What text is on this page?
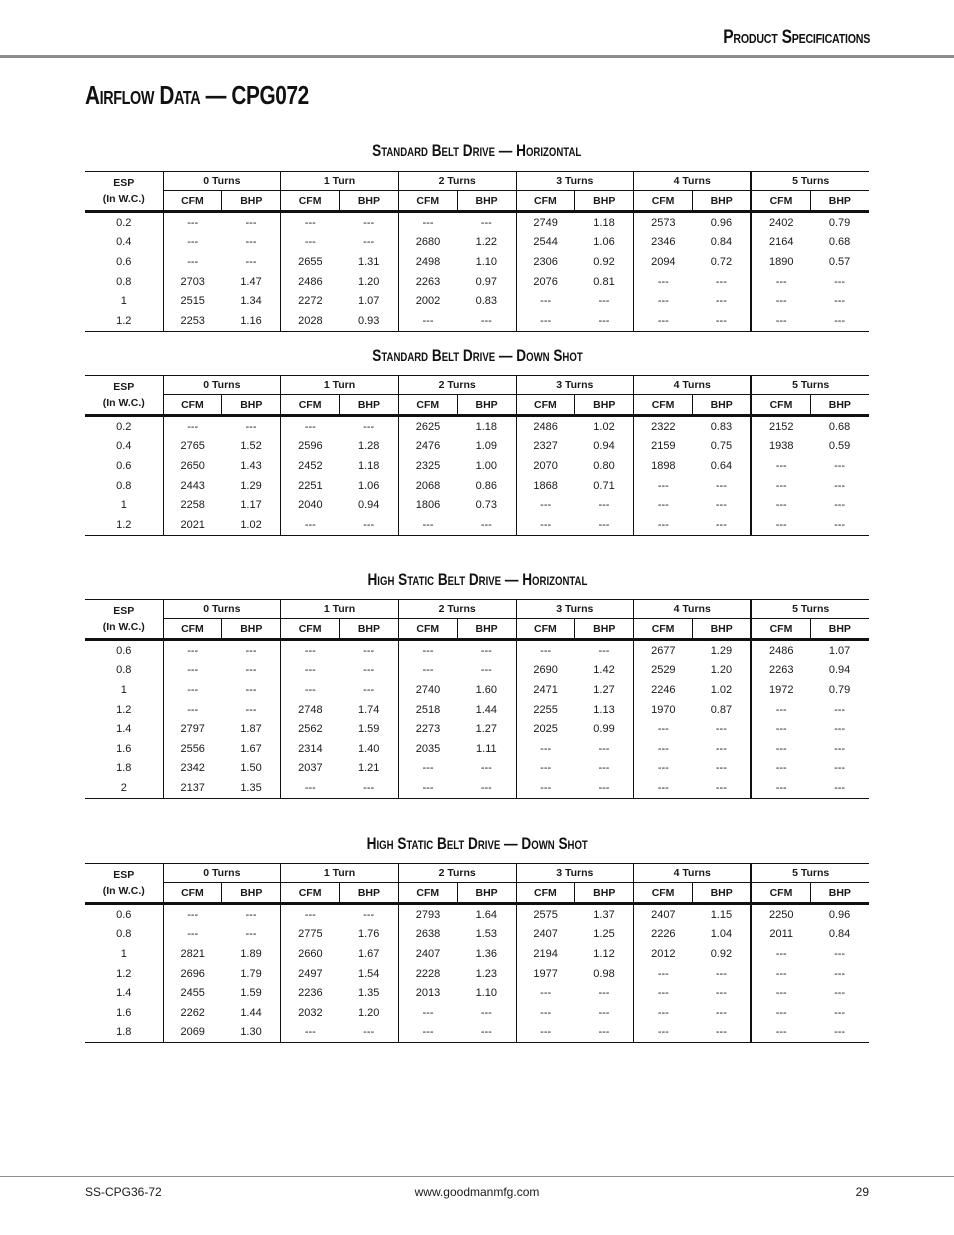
Product Specifications
Airflow Data — CPG072
Standard Belt Drive — Horizontal
ESP
(In W.C.)	0 Turns		1 Turn		2 Turns		3 Turns		4 Turns		5 Turns	
	CFM	BHP	CFM	BHP	CFM	BHP	CFM	BHP	CFM	BHP	CFM	BHP
0.2	---	---	---	---	---	---	2749	1.18	2573	0.96	2402	0.79
0.4	---	---	---	---	2680	1.22	2544	1.06	2346	0.84	2164	0.68
0.6	---	---	2655	1.31	2498	1.10	2306	0.92	2094	0.72	1890	0.57
0.8	2703	1.47	2486	1.20	2263	0.97	2076	0.81	---	---	---	---
1	2515	1.34	2272	1.07	2002	0.83	---	---	---	---	---	---
1.2	2253	1.16	2028	0.93	---	---	---	---	---	---	---	---
Standard Belt Drive — Down Shot
ESP
(In W.C.)	0 Turns		1 Turn		2 Turns		3 Turns		4 Turns		5 Turns	
	CFM	BHP	CFM	BHP	CFM	BHP	CFM	BHP	CFM	BHP	CFM	BHP
0.2	---	---	---	---	2625	1.18	2486	1.02	2322	0.83	2152	0.68
0.4	2765	1.52	2596	1.28	2476	1.09	2327	0.94	2159	0.75	1938	0.59
0.6	2650	1.43	2452	1.18	2325	1.00	2070	0.80	1898	0.64	---	---
0.8	2443	1.29	2251	1.06	2068	0.86	1868	0.71	---	---	---	---
1	2258	1.17	2040	0.94	1806	0.73	---	---	---	---	---	---
1.2	2021	1.02	---	---	---	---	---	---	---	---	---	---
High Static Belt Drive — Horizontal
ESP
(In W.C.)	0 Turns		1 Turn		2 Turns		3 Turns		4 Turns		5 Turns	
	CFM	BHP	CFM	BHP	CFM	BHP	CFM	BHP	CFM	BHP	CFM	BHP
0.6	---	---	---	---	---	---	---	---	2677	1.29	2486	1.07
0.8	---	---	---	---	---	---	2690	1.42	2529	1.20	2263	0.94
1	---	---	---	---	2740	1.60	2471	1.27	2246	1.02	1972	0.79
1.2	---	---	2748	1.74	2518	1.44	2255	1.13	1970	0.87	---	---
1.4	2797	1.87	2562	1.59	2273	1.27	2025	0.99	---	---	---	---
1.6	2556	1.67	2314	1.40	2035	1.11	---	---	---	---	---	---
1.8	2342	1.50	2037	1.21	---	---	---	---	---	---	---	---
2	2137	1.35	---	---	---	---	---	---	---	---	---	---
High Static Belt Drive — Down Shot
ESP
(In W.C.)	0 Turns		1 Turn		2 Turns		3 Turns		4 Turns		5 Turns	
	CFM	BHP	CFM	BHP	CFM	BHP	CFM	BHP	CFM	BHP	CFM	BHP
0.6	---	---	---	---	2793	1.64	2575	1.37	2407	1.15	2250	0.96
0.8	---	---	2775	1.76	2638	1.53	2407	1.25	2226	1.04	2011	0.84
1	2821	1.89	2660	1.67	2407	1.36	2194	1.12	2012	0.92	---	---
1.2	2696	1.79	2497	1.54	2228	1.23	1977	0.98	---	---	---	---
1.4	2455	1.59	2236	1.35	2013	1.10	---	---	---	---	---	---
1.6	2262	1.44	2032	1.20	---	---	---	---	---	---	---	---
1.8	2069	1.30	---	---	---	---	---	---	---	---	---	---
SS-CPG36-72	www.goodmanmfg.com	29
